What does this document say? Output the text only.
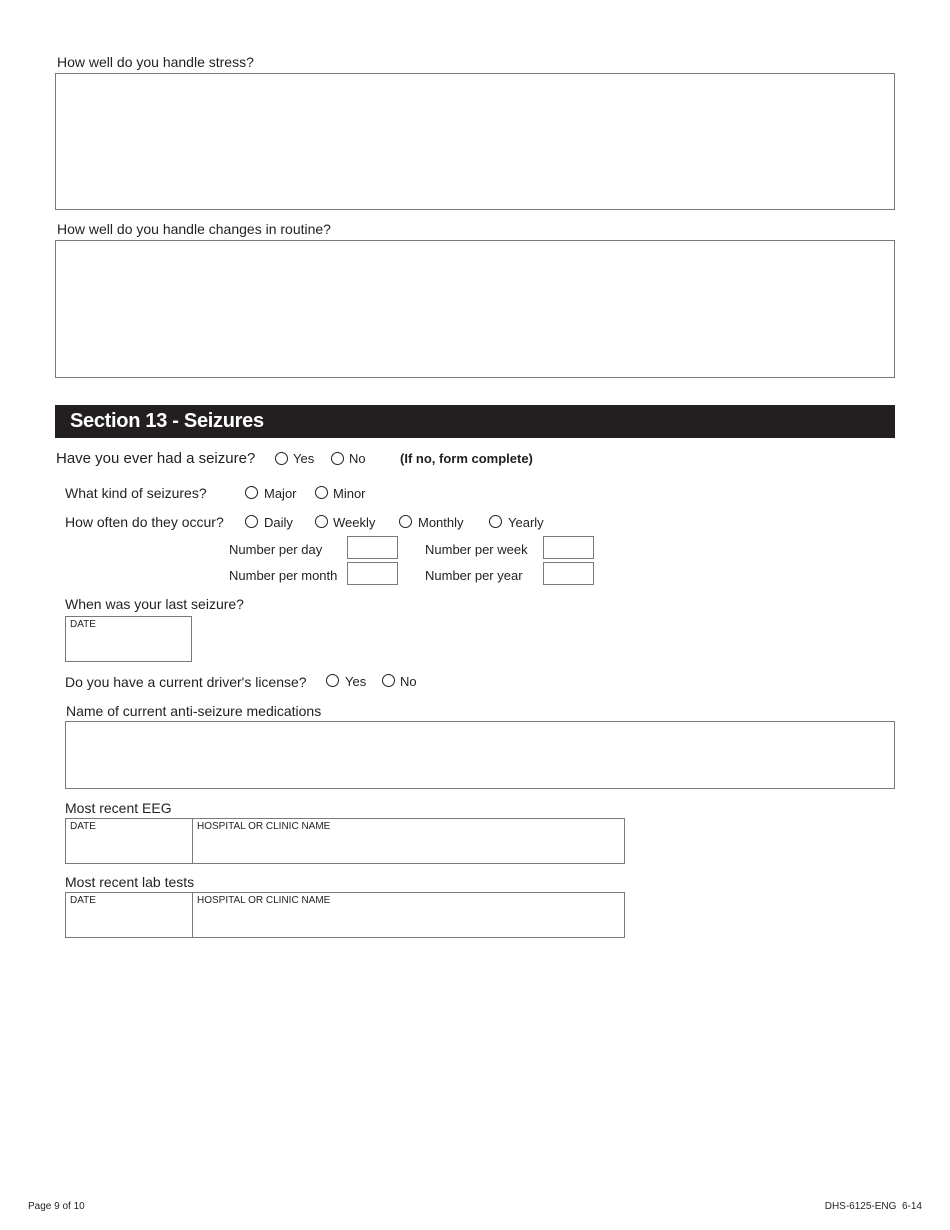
How well do you handle stress?
How well do you handle changes in routine?
Section 13 - Seizures
Have you ever had a seizure?	Yes	No	(If no, form complete)
What kind of seizures?	Major	Minor
How often do they occur?	Daily	Weekly	Monthly	Yearly
Number per day	Number per week
Number per month	Number per year
When was your last seizure?
DATE
Do you have a current driver's license?	Yes	No
Name of current anti-seizure medications
Most recent EEG
DATE	HOSPITAL OR CLINIC NAME
Most recent lab tests
DATE	HOSPITAL OR CLINIC NAME
Page 9 of 10	DHS-6125-ENG  6-14
